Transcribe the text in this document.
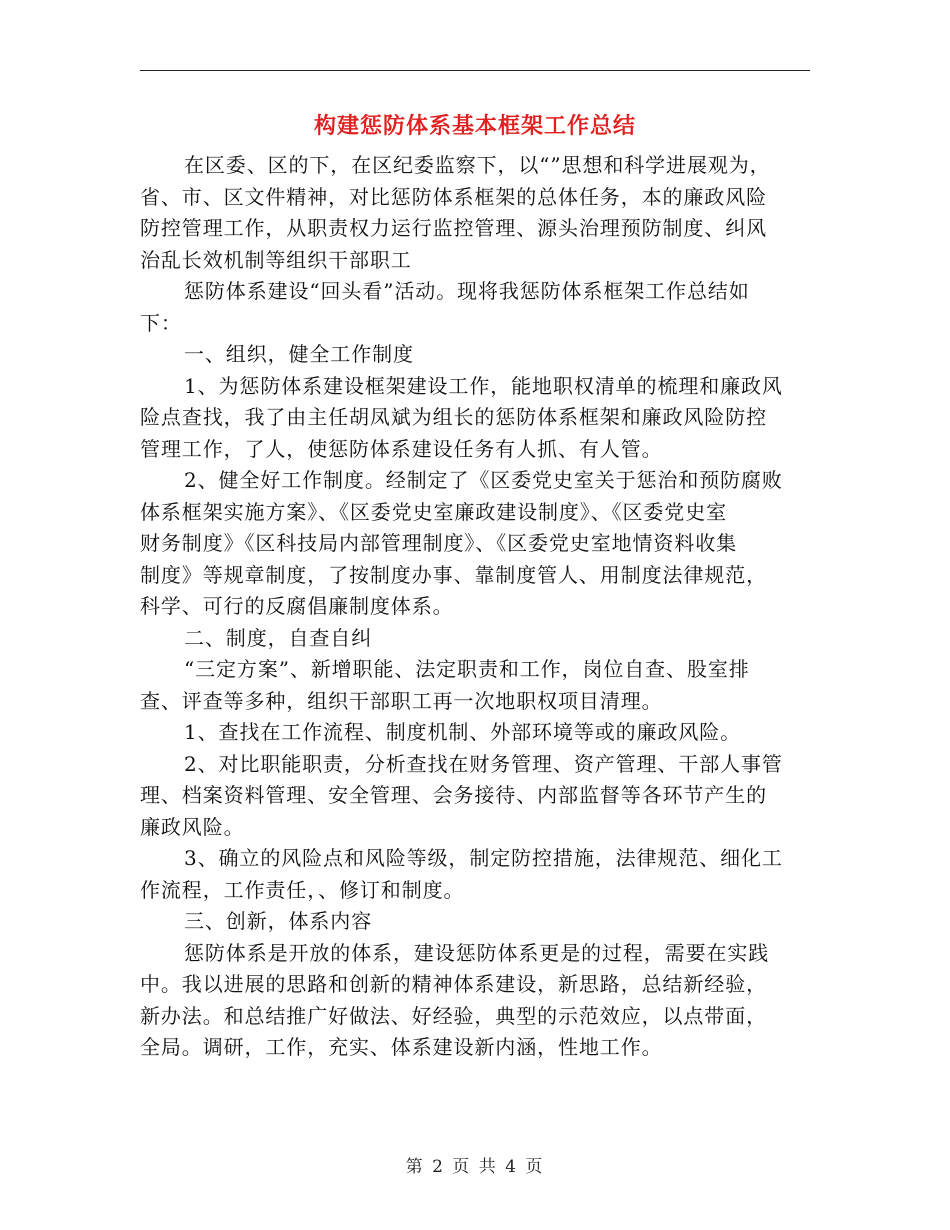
构建惩防体系基本框架工作总结
在区委、区的下，在区纪委监察下，以“”思想和科学进展观为，
省、市、区文件精神，对比惩防体系框架的总体任务，本的廉政风险
防控管理工作，从职责权力运行监控管理、源头治理预防制度、纠风
治乱长效机制等组织干部职工
惩防体系建设“回头看”活动。现将我惩防体系框架工作总结如
下：
一、组织，健全工作制度
1、为惩防体系建设框架建设工作，能地职权清单的梳理和廉政风
险点查找，我了由主任胡凤斌为组长的惩防体系框架和廉政风险防控
管理工作，了人，使惩防体系建设任务有人抓、有人管。
2、健全好工作制度。经制定了《区委党史室关于惩治和预防腐败
体系框架实施方案》、《区委党史室廉政建设制度》、《区委党史室
财务制度》《区科技局内部管理制度》、《区委党史室地情资料收集
制度》等规章制度，了按制度办事、靠制度管人、用制度法律规范，
科学、可行的反腐倡廉制度体系。
二、制度，自查自纠
“三定方案”、新增职能、法定职责和工作，岗位自查、股室排
查、评查等多种，组织干部职工再一次地职权项目清理。
1、查找在工作流程、制度机制、外部环境等或的廉政风险。
2、对比职能职责，分析查找在财务管理、资产管理、干部人事管
理、档案资料管理、安全管理、会务接待、内部监督等各环节产生的
廉政风险。
3、确立的风险点和风险等级，制定防控措施，法律规范、细化工
作流程，工作责任，、修订和制度。
三、创新，体系内容
惩防体系是开放的体系，建设惩防体系更是的过程，需要在实践
中。我以进展的思路和创新的精神体系建设，新思路，总结新经验，
新办法。和总结推广好做法、好经验，典型的示范效应，以点带面，
全局。调研，工作，充实、体系建设新内涵，性地工作。
第 2 页 共 4 页
